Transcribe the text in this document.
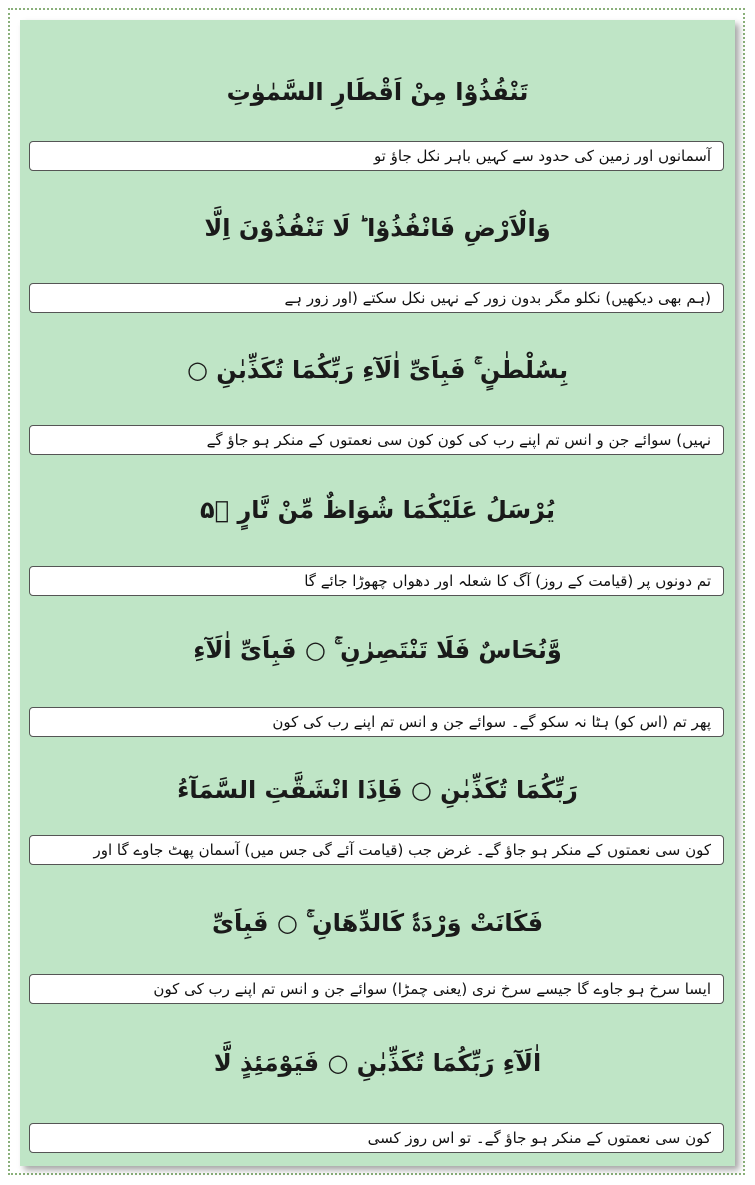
تَنْفُذُوْا مِنْ اَقْطَارِ السَّمٰوٰتِ
آسمانوں اور زمین کی حدود سے کہیں باہر نکل جاؤ تو
وَالْاَرْضِ فَانْفُذُوْا ؕ لَا تَنْفُذُوْنَ اِلَّا
(ہم بھی دیکھیں) نکلو مگر بدون زور کے نہیں نکل سکتے (اور زور ہے
بِسُلْطٰنٍ ۚ فَبِاَیِّ اٰلَآءِ رَبِّکُمَا تُکَذِّبٰنِ ○
نہیں) سوائے جن و انس تم اپنے رب کی کون کون سی نعمتوں کے منکر ہو جاؤ گے
یُرْسَلُ عَلَیْکُمَا شُوَاظٌ مِّنْ نَّارٍ ۵ۙ
تم دونوں پر (قیامت کے روز) آگ کا شعلہ اور دھواں چھوڑا جائے گا
وَّنُحَاسٌ فَلَا تَنْتَصِرٰنِ ۚ ○ فَبِاَیِّ اٰلَآءِ
پھر تم (اس کو) ہٹا نہ سکو گے۔ سوائے جن و انس تم اپنے رب کی کون
رَبِّکُمَا تُکَذِّبٰنِ ○ فَاِذَا انْشَقَّتِ السَّمَآءُ
کون سی نعمتوں کے منکر ہو جاؤ گے۔ غرض جب (قیامت آئے گی جس میں) آسمان پھٹ جاوے گا اور
فَکَانَتْ وَرْدَۃً کَالدِّهَانِ ۚ ○ فَبِاَیِّ
ایسا سرخ ہو جاوے گا جیسے سرخ نری (یعنی چمڑا) سوائے جن و انس تم اپنے رب کی کون
اٰلَآءِ رَبِّکُمَا تُکَذِّبٰنِ ○ فَیَوْمَئِذٍ لَّا
کون سی نعمتوں کے منکر ہو جاؤ گے۔ تو اس روز کسی
